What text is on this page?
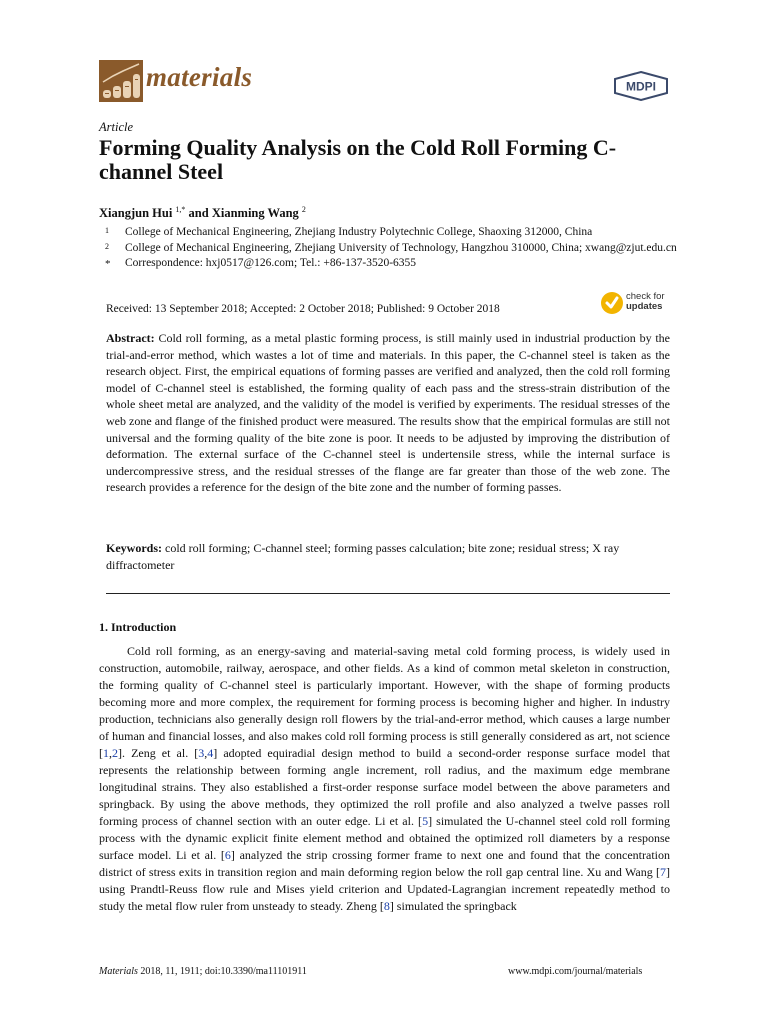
materials	MDPI
Article
Forming Quality Analysis on the Cold Roll Forming C-channel Steel
Xiangjun Hui $^{1,*}$ and Xianming Wang $^2$
1 College of Mechanical Engineering, Zhejiang Industry Polytechnic College, Shaoxing 312000, China
2 College of Mechanical Engineering, Zhejiang University of Technology, Hangzhou 310000, China; xwang@zjut.edu.cn
* Correspondence: hxj0517@126.com; Tel.: +86-137-3520-6355
Received: 13 September 2018; Accepted: 2 October 2018; Published: 9 October 2018
check for
updates
Abstract: Cold roll forming, as a metal plastic forming process, is still mainly used in industrial production by the trial-and-error method, which wastes a lot of time and materials. In this paper, the C-channel steel is taken as the research object. First, the empirical equations of forming passes are verified and analyzed, then the cold roll forming model of C-channel steel is established, the forming quality of each pass and the stress-strain distribution of the whole sheet metal are analyzed, and the validity of the model is verified by experiments. The residual stresses of the web zone and flange of the finished product were measured. The results show that the empirical formulas are still not universal and the forming quality of the bite zone is poor. It needs to be adjusted by improving the distribution of deformation. The external surface of the C-channel steel is undertensile stress, while the internal surface is undercompressive stress, and the residual stresses of the flange are far greater than those of the web zone. The research provides a reference for the design of the bite zone and the number of forming passes.
Keywords: cold roll forming; C-channel steel; forming passes calculation; bite zone; residual stress; X ray diffractometer
1. Introduction
Cold roll forming, as an energy-saving and material-saving metal cold forming process, is widely used in construction, automobile, railway, aerospace, and other fields. As a kind of common metal skeleton in construction, the forming quality of C-channel steel is particularly important. However, with the shape of forming products becoming more and more complex, the requirement for forming process is becoming higher and higher. In industry production, technicians also generally design roll flowers by the trial-and-error method, which causes a large number of human and financial losses, and also makes cold roll forming process is still generally considered as art, not science [1,2]. Zeng et al. [3,4] adopted equiradial design method to build a second-order response surface model that represents the relationship between forming angle increment, roll radius, and the maximum edge membrane longitudinal strains. They also established a first-order response surface model between the above parameters and springback. By using the above methods, they optimized the roll profile and also analyzed a twelve passes roll forming process of channel section with an outer edge. Li et al. [5] simulated the U-channel steel cold roll forming process with the dynamic explicit finite element method and obtained the optimized roll diameters by a response surface model. Li et al. [6] analyzed the strip crossing former frame to next one and found that the concentration district of stress exits in transition region and main deforming region below the roll gap central line. Xu and Wang [7] using Prandtl-Reuss flow rule and Mises yield criterion and Updated-Lagrangian increment repeatedly method to study the metal flow ruler from unsteady to steady. Zheng [8] simulated the springback
Materials 2018, 11, 1911; doi:10.3390/ma11101911	www.mdpi.com/journal/materials
